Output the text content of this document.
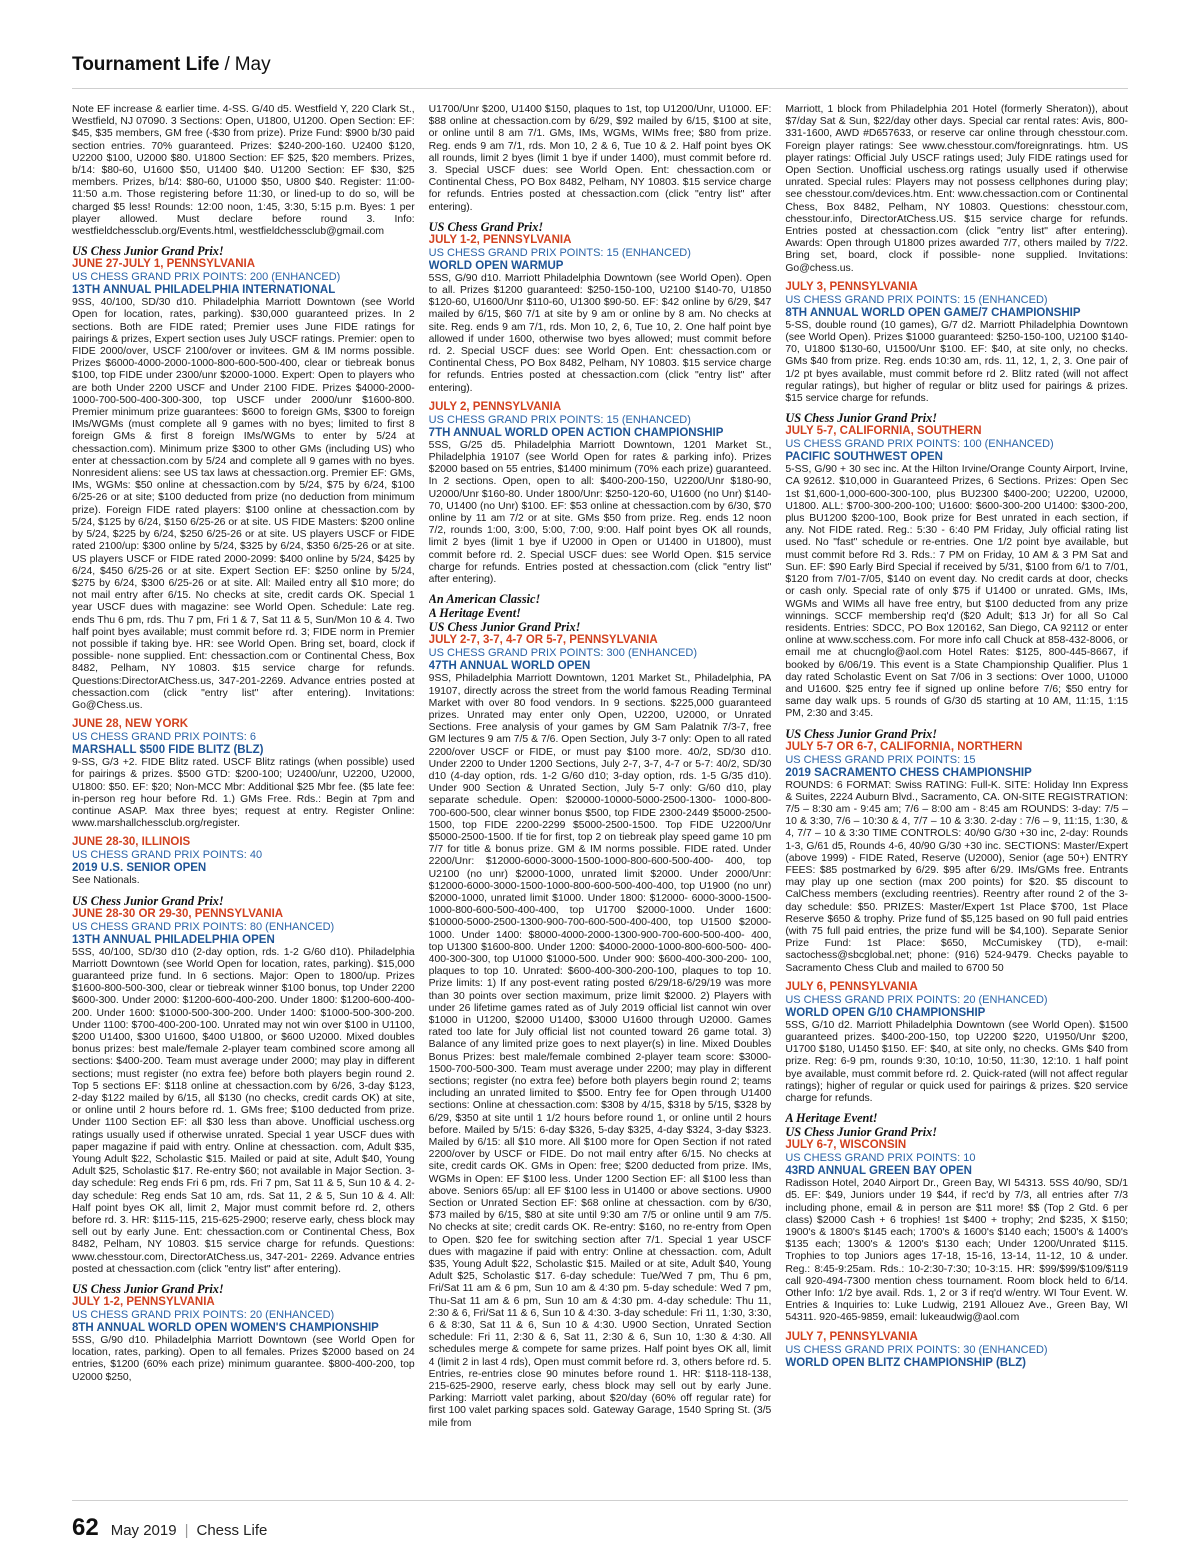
Tournament Life / May

Note EF increase & earlier time. 4-SS. G/40 d5. Westfield Y, 220 Clark St., Westfield, NJ 07090. 3 Sections: Open, U1800, U1200. Open Section: EF: $45, $35 members, GM free (-$30 from prize). Prize Fund: $900 b/30 paid section entries. 70% guaranteed. Prizes: $240-200-160. U2400 $120, U2200 $100, U2000 $80. U1800 Section: EF $25, $20 members. Prizes, b/14: $80-60, U1600 $50, U1400 $40. U1200 Section: EF $30, $25 members. Prizes, b/14: $80-60, U1000 $50, U800 $40. Register: 11:00-11:50 a.m. Those registering before 11:30, or lined-up to do so, will be charged $5 less! Rounds: 12:00 noon, 1:45, 3:30, 5:15 p.m. Byes: 1 per player allowed. Must declare before round 3. Info: westfieldchessclub.org/Events.html, westfieldchessclub@gmail.com

US Chess Junior Grand Prix!
JUNE 27-JULY 1, PENNSYLVANIA
US CHESS GRAND PRIX POINTS: 200 (ENHANCED)
13TH ANNUAL PHILADELPHIA INTERNATIONAL

9SS, 40/100, SD/30 d10. Philadelphia Marriott Downtown (see World Open for location, rates, parking). $30,000 guaranteed prizes. In 2 sections. Both are FIDE rated; Premier uses June FIDE ratings for pairings & prizes, Expert section uses July USCF ratings. Premier: open to FIDE 2000/over, USCF 2100/over or invitees. GM & IM norms possible. Prizes $6000-4000-2000-1000-800-600-500-400, clear or tiebreak bonus $100, top FIDE under 2300/unr $2000-1000. Expert: Open to players who are both Under 2200 USCF and Under 2100 FIDE. Prizes $4000-2000-1000-700-500-400-300-300, top USCF under 2000/unr $1600-800. Premier minimum prize guarantees: $600 to foreign GMs, $300 to foreign IMs/WGMs (must complete all 9 games with no byes; limited to first 8 foreign GMs & first 8 foreign IMs/WGMs to enter by 5/24 at chessaction.com). Minimum prize $300 to other GMs (including US) who enter at chessaction.com by 5/24 and complete all 9 games with no byes. Nonresident aliens: see US tax laws at chessaction.org. Premier EF: GMs, IMs, WGMs: $50 online at chessaction.com by 5/24, $75 by 6/24, $100 6/25-26 or at site; $100 deducted from prize (no deduction from minimum prize). Foreign FIDE rated players: $100 online at chessaction.com by 5/24, $125 by 6/24, $150 6/25-26 or at site. US FIDE Masters: $200 online by 5/24, $225 by 6/24, $250 6/25-26 or at site. US players USCF or FIDE rated 2100/up: $300 online by 5/24, $325 by 6/24, $350 6/25-26 or at site. US players USCF or FIDE rated 2000-2099: $400 online by 5/24, $425 by 6/24, $450 6/25-26 or at site. Expert Section EF: $250 online by 5/24, $275 by 6/24, $300 6/25-26 or at site. All: Mailed entry all $10 more; do not mail entry after 6/15. No checks at site, credit cards OK. Special 1 year USCF dues with magazine: see World Open. Schedule: Late reg. ends Thu 6 pm, rds. Thu 7 pm, Fri 1 & 7, Sat 11 & 5, Sun/Mon 10 & 4. Two half point byes available; must commit before rd. 3; FIDE norm in Premier not possible if taking bye. HR: see World Open. Bring set, board, clock if possible- none supplied. Ent: chessaction.com or Continental Chess, Box 8482, Pelham, NY 10803. $15 service charge for refunds. Questions:DirectorAtChess.us, 347-201-2269. Advance entries posted at chessaction.com (click "entry list" after entering). Invitations: Go@Chess.us.

JUNE 28, NEW YORK
US CHESS GRAND PRIX POINTS: 6
MARSHALL $500 FIDE BLITZ (BLZ)

9-SS, G/3 +2. FIDE Blitz rated. USCF Blitz ratings (when possible) used for pairings & prizes. $500 GTD: $200-100; U2400/unr, U2200, U2000, U1800: $50. EF: $20; Non-MCC Mbr: Additional $25 Mbr fee. ($5 late fee: in-person reg hour before Rd. 1.) GMs Free. Rds.: Begin at 7pm and continue ASAP. Max three byes; request at entry. Register Online: www.marshallchessclub.org/register.

JUNE 28-30, ILLINOIS
US CHESS GRAND PRIX POINTS: 40
2019 U.S. SENIOR OPEN

See Nationals.

US Chess Junior Grand Prix!
JUNE 28-30 OR 29-30, PENNSYLVANIA
US CHESS GRAND PRIX POINTS: 80 (ENHANCED)
13TH ANNUAL PHILADELPHIA OPEN

5SS, 40/100, SD/30 d10 (2-day option, rds. 1-2 G/60 d10). Philadelphia Marriott Downtown (see World Open for location, rates, parking). $15,000 guaranteed prize fund. In 6 sections. Major: Open to 1800/up. Prizes $1600-800-500-300, clear or tiebreak winner $100 bonus, top Under 2200 $600-300. Under 2000: $1200-600-400-200. Under 1800: $1200-600-400-200. Under 1600: $1000-500-300-200. Under 1400: $1000-500-300-200. Under 1100: $700-400-200-100. Unrated may not win over $100 in U1100, $200 U1400, $300 U1600, $400 U1800, or $600 U2000. Mixed doubles bonus prizes: best male/female 2-player team combined score among all sections: $400-200. Team must average under 2000; may play in different sections; must register (no extra fee) before both players begin round 2. Top 5 sections EF: $118 online at chessaction.com by 6/26, 3-day $123, 2-day $122 mailed by 6/15, all $130 (no checks, credit cards OK) at site, or online until 2 hours before rd. 1. GMs free; $100 deducted from prize. Under 1100 Section EF: all $30 less than above. Unofficial uschess.org ratings usually used if otherwise unrated. Special 1 year USCF dues with paper magazine if paid with entry. Online at chessaction. com, Adult $35, Young Adult $22, Scholastic $15. Mailed or paid at site, Adult $40, Young Adult $25, Scholastic $17. Re-entry $60; not available in Major Section. 3-day schedule: Reg ends Fri 6 pm, rds. Fri 7 pm, Sat 11 & 5, Sun 10 & 4. 2-day schedule: Reg ends Sat 10 am, rds. Sat 11, 2 & 5, Sun 10 & 4. All: Half point byes OK all, limit 2, Major must commit before rd. 2, others before rd. 3. HR: $115-115, 215-625-2900; reserve early, chess block may sell out by early June. Ent: chessaction.com or Continental Chess, Box 8482, Pelham, NY 10803. $15 service charge for refunds. Questions: www.chesstour.com, DirectorAtChess.us, 347-201- 2269. Advance entries posted at chessaction.com (click "entry list" after entering).

US Chess Junior Grand Prix!
JULY 1-2, PENNSYLVANIA
US CHESS GRAND PRIX POINTS: 20 (ENHANCED)
8TH ANNUAL WORLD OPEN WOMEN'S CHAMPIONSHIP

5SS, G/90 d10. Philadelphia Marriott Downtown (see World Open for location, rates, parking). Open to all females. Prizes $2000 based on 24 entries, $1200 (60% each prize) minimum guarantee. $800-400-200, top U2000 $250,

U1700/Unr $200, U1400 $150, plaques to 1st, top U1200/Unr, U1000. EF: $88 online at chessaction.com by 6/29, $92 mailed by 6/15, $100 at site, or online until 8 am 7/1. GMs, IMs, WGMs, WIMs free; $80 from prize. Reg. ends 9 am 7/1, rds. Mon 10, 2 & 6, Tue 10 & 2. Half point byes OK all rounds, limit 2 byes (limit 1 bye if under 1400), must commit before rd. 3. Special USCF dues: see World Open. Ent: chessaction.com or Continental Chess, PO Box 8482, Pelham, NY 10803. $15 service charge for refunds. Entries posted at chessaction.com (click "entry list" after entering).

US Chess Grand Prix!
JULY 1-2, PENNSYLVANIA
US CHESS GRAND PRIX POINTS: 15 (ENHANCED)
WORLD OPEN WARMUP

5SS, G/90 d10. Marriott Philadelphia Downtown (see World Open). Open to all. Prizes $1200 guaranteed: $250-150-100, U2100 $140-70, U1850 $120-60, U1600/Unr $110-60, U1300 $90-50. EF: $42 online by 6/29, $47 mailed by 6/15, $60 7/1 at site by 9 am or online by 8 am. No checks at site. Reg. ends 9 am 7/1, rds. Mon 10, 2, 6, Tue 10, 2. One half point bye allowed if under 1600, otherwise two byes allowed; must commit before rd. 2. Special USCF dues: see World Open. Ent: chessaction.com or Continental Chess, PO Box 8482, Pelham, NY 10803. $15 service charge for refunds. Entries posted at chessaction.com (click "entry list" after entering).

JULY 2, PENNSYLVANIA
US CHESS GRAND PRIX POINTS: 15 (ENHANCED)
7TH ANNUAL WORLD OPEN ACTION CHAMPIONSHIP

5SS, G/25 d5. Philadelphia Marriott Downtown, 1201 Market St., Philadelphia 19107 (see World Open for rates & parking info). Prizes $2000 based on 55 entries, $1400 minimum (70% each prize) guaranteed. In 2 sections. Open, open to all: $400-200-150, U2200/Unr $180-90, U2000/Unr $160-80. Under 1800/Unr: $250-120-60, U1600 (no Unr) $140-70, U1400 (no Unr) $100. EF: $53 online at chessaction.com by 6/30, $70 online by 11 am 7/2 or at site. GMs $50 from prize. Reg. ends 12 noon 7/2, rounds 1:00, 3:00, 5:00, 7:00, 9:00. Half point byes OK all rounds, limit 2 byes (limit 1 bye if U2000 in Open or U1400 in U1800), must commit before rd. 2. Special USCF dues: see World Open. $15 service charge for refunds. Entries posted at chessaction.com (click "entry list" after entering).

An American Classic!
A Heritage Event!
US Chess Junior Grand Prix!
JULY 2-7, 3-7, 4-7 OR 5-7, PENNSYLVANIA
US CHESS GRAND PRIX POINTS: 300 (ENHANCED)
47TH ANNUAL WORLD OPEN

9SS, Philadelphia Marriott Downtown, 1201 Market St., Philadelphia, PA 19107, directly across the street from the world famous Reading Terminal Market with over 80 food vendors. In 9 sections. $225,000 guaranteed prizes. Unrated may enter only Open, U2200, U2000, or Unrated Sections. Free analysis of your games by GM Sam Palatnik 7/3-7, free GM lectures 9 am 7/5 & 7/6. Open Section, July 3-7 only: Open to all rated 2200/over USCF or FIDE, or must pay $100 more. 40/2, SD/30 d10. Under 2200 to Under 1200 Sections, July 2-7, 3-7, 4-7 or 5-7: 40/2, SD/30 d10 (4-day option, rds. 1-2 G/60 d10; 3-day option, rds. 1-5 G/35 d10). Under 900 Section & Unrated Section, July 5-7 only: G/60 d10, play separate schedule. Open: $20000-10000-5000-2500-1300- 1000-800-700-600-500, clear winner bonus $500, top FIDE 2300-2449 $5000-2500-1500, top FIDE 2200-2299 $5000-2500-1500. Top FIDE U2200/Unr $5000-2500-1500. If tie for first, top 2 on tiebreak play speed game 10 pm 7/7 for title & bonus prize. GM & IM norms possible. FIDE rated. Under 2200/Unr: $12000-6000-3000-1500-1000-800-600-500-400- 400, top U2100 (no unr) $2000-1000, unrated limit $2000. Under 2000/Unr: $12000-6000-3000-1500-1000-800-600-500-400-400, top U1900 (no unr) $2000-1000, unrated limit $1000. Under 1800: $12000- 6000-3000-1500-1000-800-600-500-400-400, top U1700 $2000-1000. Under 1600: $10000-5000-2500-1300-900-700-600-500-400-400, top U1500 $2000-1000. Under 1400: $8000-4000-2000-1300-900-700-600-500-400- 400, top U1300 $1600-800. Under 1200: $4000-2000-1000-800-600-500- 400-400-300-300, top U1000 $1000-500. Under 900: $600-400-300-200- 100, plaques to top 10. Unrated: $600-400-300-200-100, plaques to top 10. Prize limits: 1) If any post-event rating posted 6/29/18-6/29/19 was more than 30 points over section maximum, prize limit $2000. 2) Players with under 26 lifetime games rated as of July 2019 official list cannot win over $1000 in U1200, $2000 U1400, $3000 U1600 through U2000. Games rated too late for July official list not counted toward 26 game total. 3) Balance of any limited prize goes to next player(s) in line. Mixed Doubles Bonus Prizes: best male/female combined 2-player team score: $3000- 1500-700-500-300. Team must average under 2200; may play in different sections; register (no extra fee) before both players begin round 2; teams including an unrated limited to $500. Entry fee for Open through U1400 sections: Online at chessaction.com: $308 by 4/15, $318 by 5/15, $328 by 6/29, $350 at site until 1 1/2 hours before round 1, or online until 2 hours before. Mailed by 5/15: 6-day $326, 5-day $325, 4-day $324, 3-day $323. Mailed by 6/15: all $10 more. All $100 more for Open Section if not rated 2200/over by USCF or FIDE. Do not mail entry after 6/15. No checks at site, credit cards OK. GMs in Open: free; $200 deducted from prize. IMs, WGMs in Open: EF $100 less. Under 1200 Section EF: all $100 less than above. Seniors 65/up: all EF $100 less in U1400 or above sections. U900 Section or Unrated Section EF: $68 online at chessaction. com by 6/30, $73 mailed by 6/15, $80 at site until 9:30 am 7/5 or online until 9 am 7/5. No checks at site; credit cards OK. Re-entry: $160, no re-entry from Open to Open. $20 fee for switching section after 7/1. Special 1 year USCF dues with magazine if paid with entry: Online at chessaction. com, Adult $35, Young Adult $22, Scholastic $15. Mailed or at site, Adult $40, Young Adult $25, Scholastic $17. 6-day schedule: Tue/Wed 7 pm, Thu 6 pm, Fri/Sat 11 am & 6 pm, Sun 10 am & 4:30 pm. 5-day schedule: Wed 7 pm, Thu-Sat 11 am & 6 pm, Sun 10 am & 4:30 pm. 4-day schedule: Thu 11, 2:30 & 6, Fri/Sat 11 & 6, Sun 10 & 4:30. 3-day schedule: Fri 11, 1:30, 3:30, 6 & 8:30, Sat 11 & 6, Sun 10 & 4:30. U900 Section, Unrated Section schedule: Fri 11, 2:30 & 6, Sat 11, 2:30 & 6, Sun 10, 1:30 & 4:30. All schedules merge & compete for same prizes. Half point byes OK all, limit 4 (limit 2 in last 4 rds), Open must commit before rd. 3, others before rd. 5. Entries, re-entries close 90 minutes before round 1. HR: $118-118-138, 215-625-2900, reserve early, chess block may sell out by early June. Parking: Marriott valet parking, about $20/day (60% off regular rate) for first 100 valet parking spaces sold. Gateway Garage, 1540 Spring St. (3/5 mile from

Marriott, 1 block from Philadelphia 201 Hotel (formerly Sheraton)), about $7/day Sat & Sun, $22/day other days. Special car rental rates: Avis, 800-331-1600, AWD #D657633, or reserve car online through chesstour.com. Foreign player ratings: See www.chesstour.com/foreignratings. htm. US player ratings: Official July USCF ratings used; July FIDE ratings used for Open Section. Unofficial uschess.org ratings usually used if otherwise unrated. Special rules: Players may not possess cellphones during play; see chesstour.com/devices.htm. Ent: www.chessaction.com or Continental Chess, Box 8482, Pelham, NY 10803. Questions: chesstour.com, chesstour.info, DirectorAtChess.US. $15 service charge for refunds. Entries posted at chessaction.com (click "entry list" after entering). Awards: Open through U1800 prizes awarded 7/7, others mailed by 7/22. Bring set, board, clock if possible- none supplied. Invitations: Go@chess.us.

JULY 3, PENNSYLVANIA
US CHESS GRAND PRIX POINTS: 15 (ENHANCED)
8TH ANNUAL WORLD OPEN GAME/7 CHAMPIONSHIP

5-SS, double round (10 games), G/7 d2. Marriott Philadelphia Downtown (see World Open). Prizes $1000 guaranteed: $250-150-100, U2100 $140-70, U1800 $130-60, U1500/Unr $100. EF: $40, at site only, no checks. GMs $40 from prize. Reg. ends 10:30 am, rds. 11, 12, 1, 2, 3. One pair of 1/2 pt byes available, must commit before rd 2. Blitz rated (will not affect regular ratings), but higher of regular or blitz used for pairings & prizes. $15 service charge for refunds.

US Chess Junior Grand Prix!
JULY 5-7, CALIFORNIA, SOUTHERN
US CHESS GRAND PRIX POINTS: 100 (ENHANCED)
PACIFIC SOUTHWEST OPEN

5-SS, G/90 + 30 sec inc. At the Hilton Irvine/Orange County Airport, Irvine, CA 92612. $10,000 in Guaranteed Prizes, 6 Sections. Prizes: Open Sec 1st $1,600-1,000-600-300-100, plus BU2300 $400-200; U2200, U2000, U1800. ALL: $700-300-200-100; U1600: $600-300-200 U1400: $300-200, plus BU1200 $200-100, Book prize for Best unrated in each section, if any. Not FIDE rated. Reg.: 5:30 - 6:40 PM Friday, July official rating list used. No "fast" schedule or re-entries. One 1/2 point bye available, but must commit before Rd 3. Rds.: 7 PM on Friday, 10 AM & 3 PM Sat and Sun. EF: $90 Early Bird Special if received by 5/31, $100 from 6/1 to 7/01, $120 from 7/01-7/05, $140 on event day. No credit cards at door, checks or cash only. Special rate of only $75 if U1400 or unrated. GMs, IMs, WGMs and WIMs all have free entry, but $100 deducted from any prize winnings. SCCF membership req'd ($20 Adult; $13 Jr) for all So Cal residents. Entries: SDCC, PO Box 120162, San Diego, CA 92112 or enter online at www.scchess.com. For more info call Chuck at 858-432-8006, or email me at chucnglo@aol.com Hotel Rates: $125, 800-445-8667, if booked by 6/06/19. This event is a State Championship Qualifier. Plus 1 day rated Scholastic Event on Sat 7/06 in 3 sections: Over 1000, U1000 and U1600. $25 entry fee if signed up online before 7/6; $50 entry for same day walk ups. 5 rounds of G/30 d5 starting at 10 AM, 11:15, 1:15 PM, 2:30 and 3:45.

US Chess Junior Grand Prix!
JULY 5-7 OR 6-7, CALIFORNIA, NORTHERN
US CHESS GRAND PRIX POINTS: 15
2019 SACRAMENTO CHESS CHAMPIONSHIP

ROUNDS: 6 FORMAT: Swiss RATING: Full-K. SITE: Holiday Inn Express & Suites, 2224 Auburn Blvd., Sacramento, CA. ON-SITE REGISTRATION: 7/5 – 8:30 am - 9:45 am; 7/6 – 8:00 am - 8:45 am ROUNDS: 3-day: 7/5 – 10 & 3:30, 7/6 – 10:30 & 4, 7/7 – 10 & 3:30. 2-day : 7/6 – 9, 11:15, 1:30, & 4, 7/7 – 10 & 3:30 TIME CONTROLS: 40/90 G/30 +30 inc, 2-day: Rounds 1-3, G/61 d5, Rounds 4-6, 40/90 G/30 +30 inc. SECTIONS: Master/Expert (above 1999) - FIDE Rated, Reserve (U2000), Senior (age 50+) ENTRY FEES: $85 postmarked by 6/29. $95 after 6/29. IMs/GMs free. Entrants may play up one section (max 200 points) for $20. $5 discount to CalChess members (excluding reentries). Reentry after round 2 of the 3-day schedule: $50. PRIZES: Master/Expert 1st Place $700, 1st Place Reserve $650 & trophy. Prize fund of $5,125 based on 90 full paid entries (with 75 full paid entries, the prize fund will be $4,100). Separate Senior Prize Fund: 1st Place: $650, McCumiskey (TD), e-mail: sactochess@sbcglobal.net; phone: (916) 524-9479. Checks payable to Sacramento Chess Club and mailed to 6700 50

JULY 6, PENNSYLVANIA
US CHESS GRAND PRIX POINTS: 20 (ENHANCED)
WORLD OPEN G/10 CHAMPIONSHIP

5SS, G/10 d2. Marriott Philadelphia Downtown (see World Open). $1500 guaranteed prizes. $400-200-150, top U2200 $220, U1950/Unr $200, U1700 $180, U1450 $150. EF: $40, at site only, no checks. GMs $40 from prize. Reg: 6-9 pm, rounds 9:30, 10:10, 10:50, 11:30, 12:10. 1 half point bye available, must commit before rd. 2. Quick-rated (will not affect regular ratings); higher of regular or quick used for pairings & prizes. $20 service charge for refunds.

A Heritage Event!
US Chess Junior Grand Prix!
JULY 6-7, WISCONSIN
US CHESS GRAND PRIX POINTS: 10
43RD ANNUAL GREEN BAY OPEN

Radisson Hotel, 2040 Airport Dr., Green Bay, WI 54313. 5SS 40/90, SD/1 d5. EF: $49, Juniors under 19 $44, if rec'd by 7/3, all entries after 7/3 including phone, email & in person are $11 more! $$ (Top 2 Gtd. 6 per class) $2000 Cash + 6 trophies! 1st $400 + trophy; 2nd $235, X $150; 1900's & 1800's $145 each; 1700's & 1600's $140 each; 1500's & 1400's $135 each; 1300's & 1200's $130 each; Under 1200/Unrated $115. Trophies to top Juniors ages 17-18, 15-16, 13-14, 11-12, 10 & under. Reg.: 8:45-9:25am. Rds.: 10-2:30-7:30; 10-3:15. HR: $99/$99/$109/$119 call 920-494-7300 mention chess tournament. Room block held to 6/14. Other Info: 1/2 bye avail. Rds. 1, 2 or 3 if req'd w/entry. WI Tour Event. W. Entries & Inquiries to: Luke Ludwig, 2191 Allouez Ave., Green Bay, WI 54311. 920-465-9859, email: lukeaudwig@aol.com

JULY 7, PENNSYLVANIA
US CHESS GRAND PRIX POINTS: 30 (ENHANCED)
WORLD OPEN BLITZ CHAMPIONSHIP (BLZ)
62 May 2019 | Chess Life
